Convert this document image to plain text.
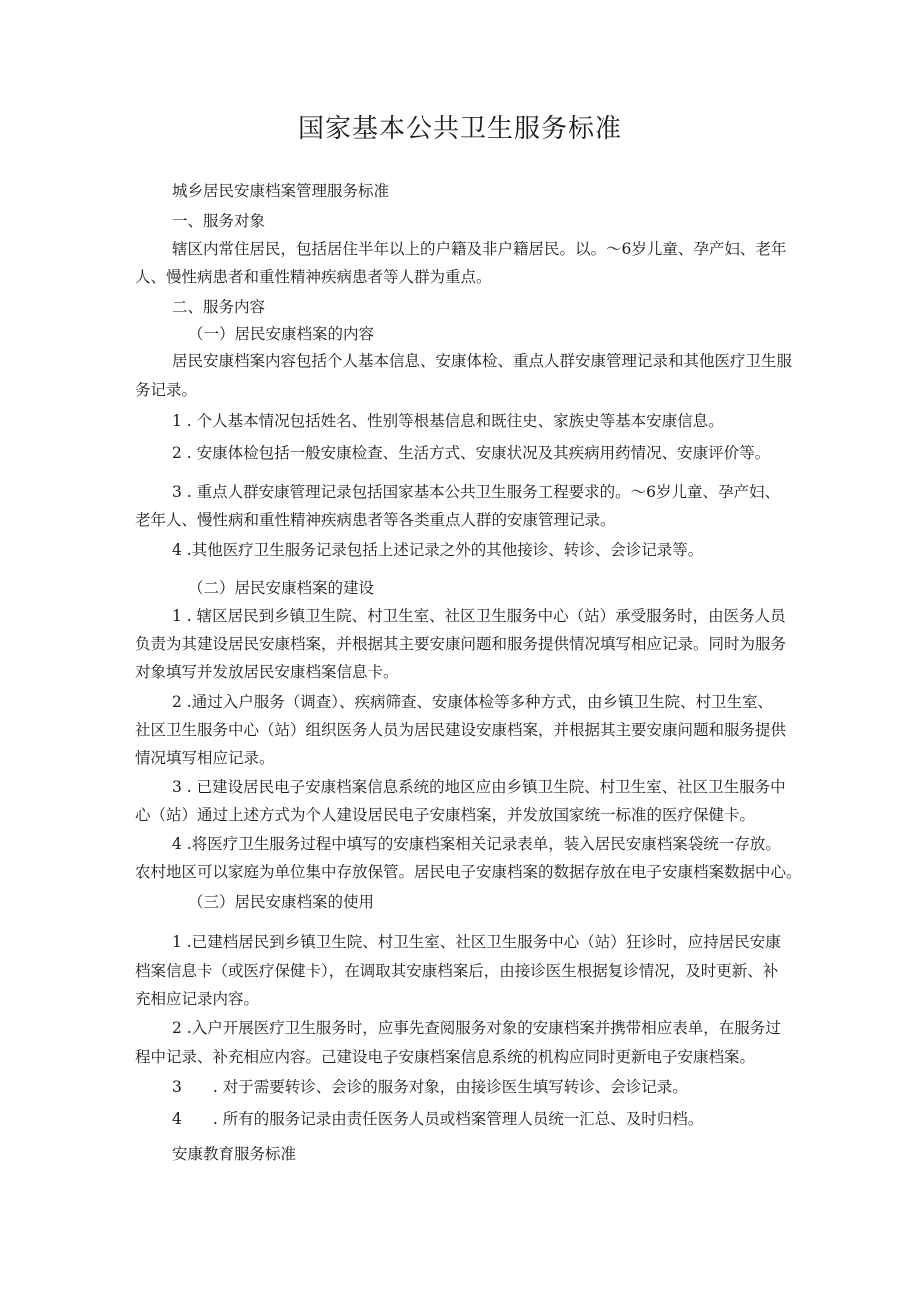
国家基本公共卫生服务标准

城乡居民安康档案管理服务标准

一、服务对象

辖区内常住居民，包括居住半年以上的户籍及非户籍居民。以。～6岁儿童、孕产妇、老年

人、慢性病患者和重性精神疾病患者等人群为重点。

二、服务内容

（一）居民安康档案的内容

居民安康档案内容包括个人基本信息、安康体检、重点人群安康管理记录和其他医疗卫生服

务记录。

1 . 个人基本情况包括姓名、性别等根基信息和既往史、家族史等基本安康信息。

2 . 安康体检包括一般安康检查、生活方式、安康状况及其疾病用药情况、安康评价等。

3 . 重点人群安康管理记录包括国家基本公共卫生服务工程要求的。～6岁儿童、孕产妇、

老年人、慢性病和重性精神疾病患者等各类重点人群的安康管理记录。

4 .其他医疗卫生服务记录包括上述记录之外的其他接诊、转诊、会诊记录等。

（二）居民安康档案的建设

1 . 辖区居民到乡镇卫生院、村卫生室、社区卫生服务中心（站）承受服务时，由医务人员

负责为其建设居民安康档案，并根据其主要安康问题和服务提供情况填写相应记录。同时为服务

对象填写并发放居民安康档案信息卡。

2 .通过入户服务（调查）、疾病筛查、安康体检等多种方式，由乡镇卫生院、村卫生室、

社区卫生服务中心（站）组织医务人员为居民建设安康档案，并根据其主要安康问题和服务提供

情况填写相应记录。

3 . 已建设居民电子安康档案信息系统的地区应由乡镇卫生院、村卫生室、社区卫生服务中

心（站）通过上述方式为个人建设居民电子安康档案，并发放国家统一标准的医疗保健卡。

4 .将医疗卫生服务过程中填写的安康档案相关记录表单，装入居民安康档案袋统一存放。

农村地区可以家庭为单位集中存放保管。居民电子安康档案的数据存放在电子安康档案数据中心。

（三）居民安康档案的使用

1 .已建档居民到乡镇卫生院、村卫生室、社区卫生服务中心（站）狂诊时，应持居民安康

档案信息卡（或医疗保健卡），在调取其安康档案后，由接诊医生根据复诊情况，及时更新、补

充相应记录内容。

2 .入户开展医疗卫生服务时，应事先查阅服务对象的安康档案并携带相应表单，在服务过

程中记录、补充相应内容。己建设电子安康档案信息系统的机构应同时更新电子安康档案。

3　　. 对于需要转诊、会诊的服务对象，由接诊医生填写转诊、会诊记录。

4　　. 所有的服务记录由责任医务人员或档案管理人员统一汇总、及时归档。

安康教育服务标准
